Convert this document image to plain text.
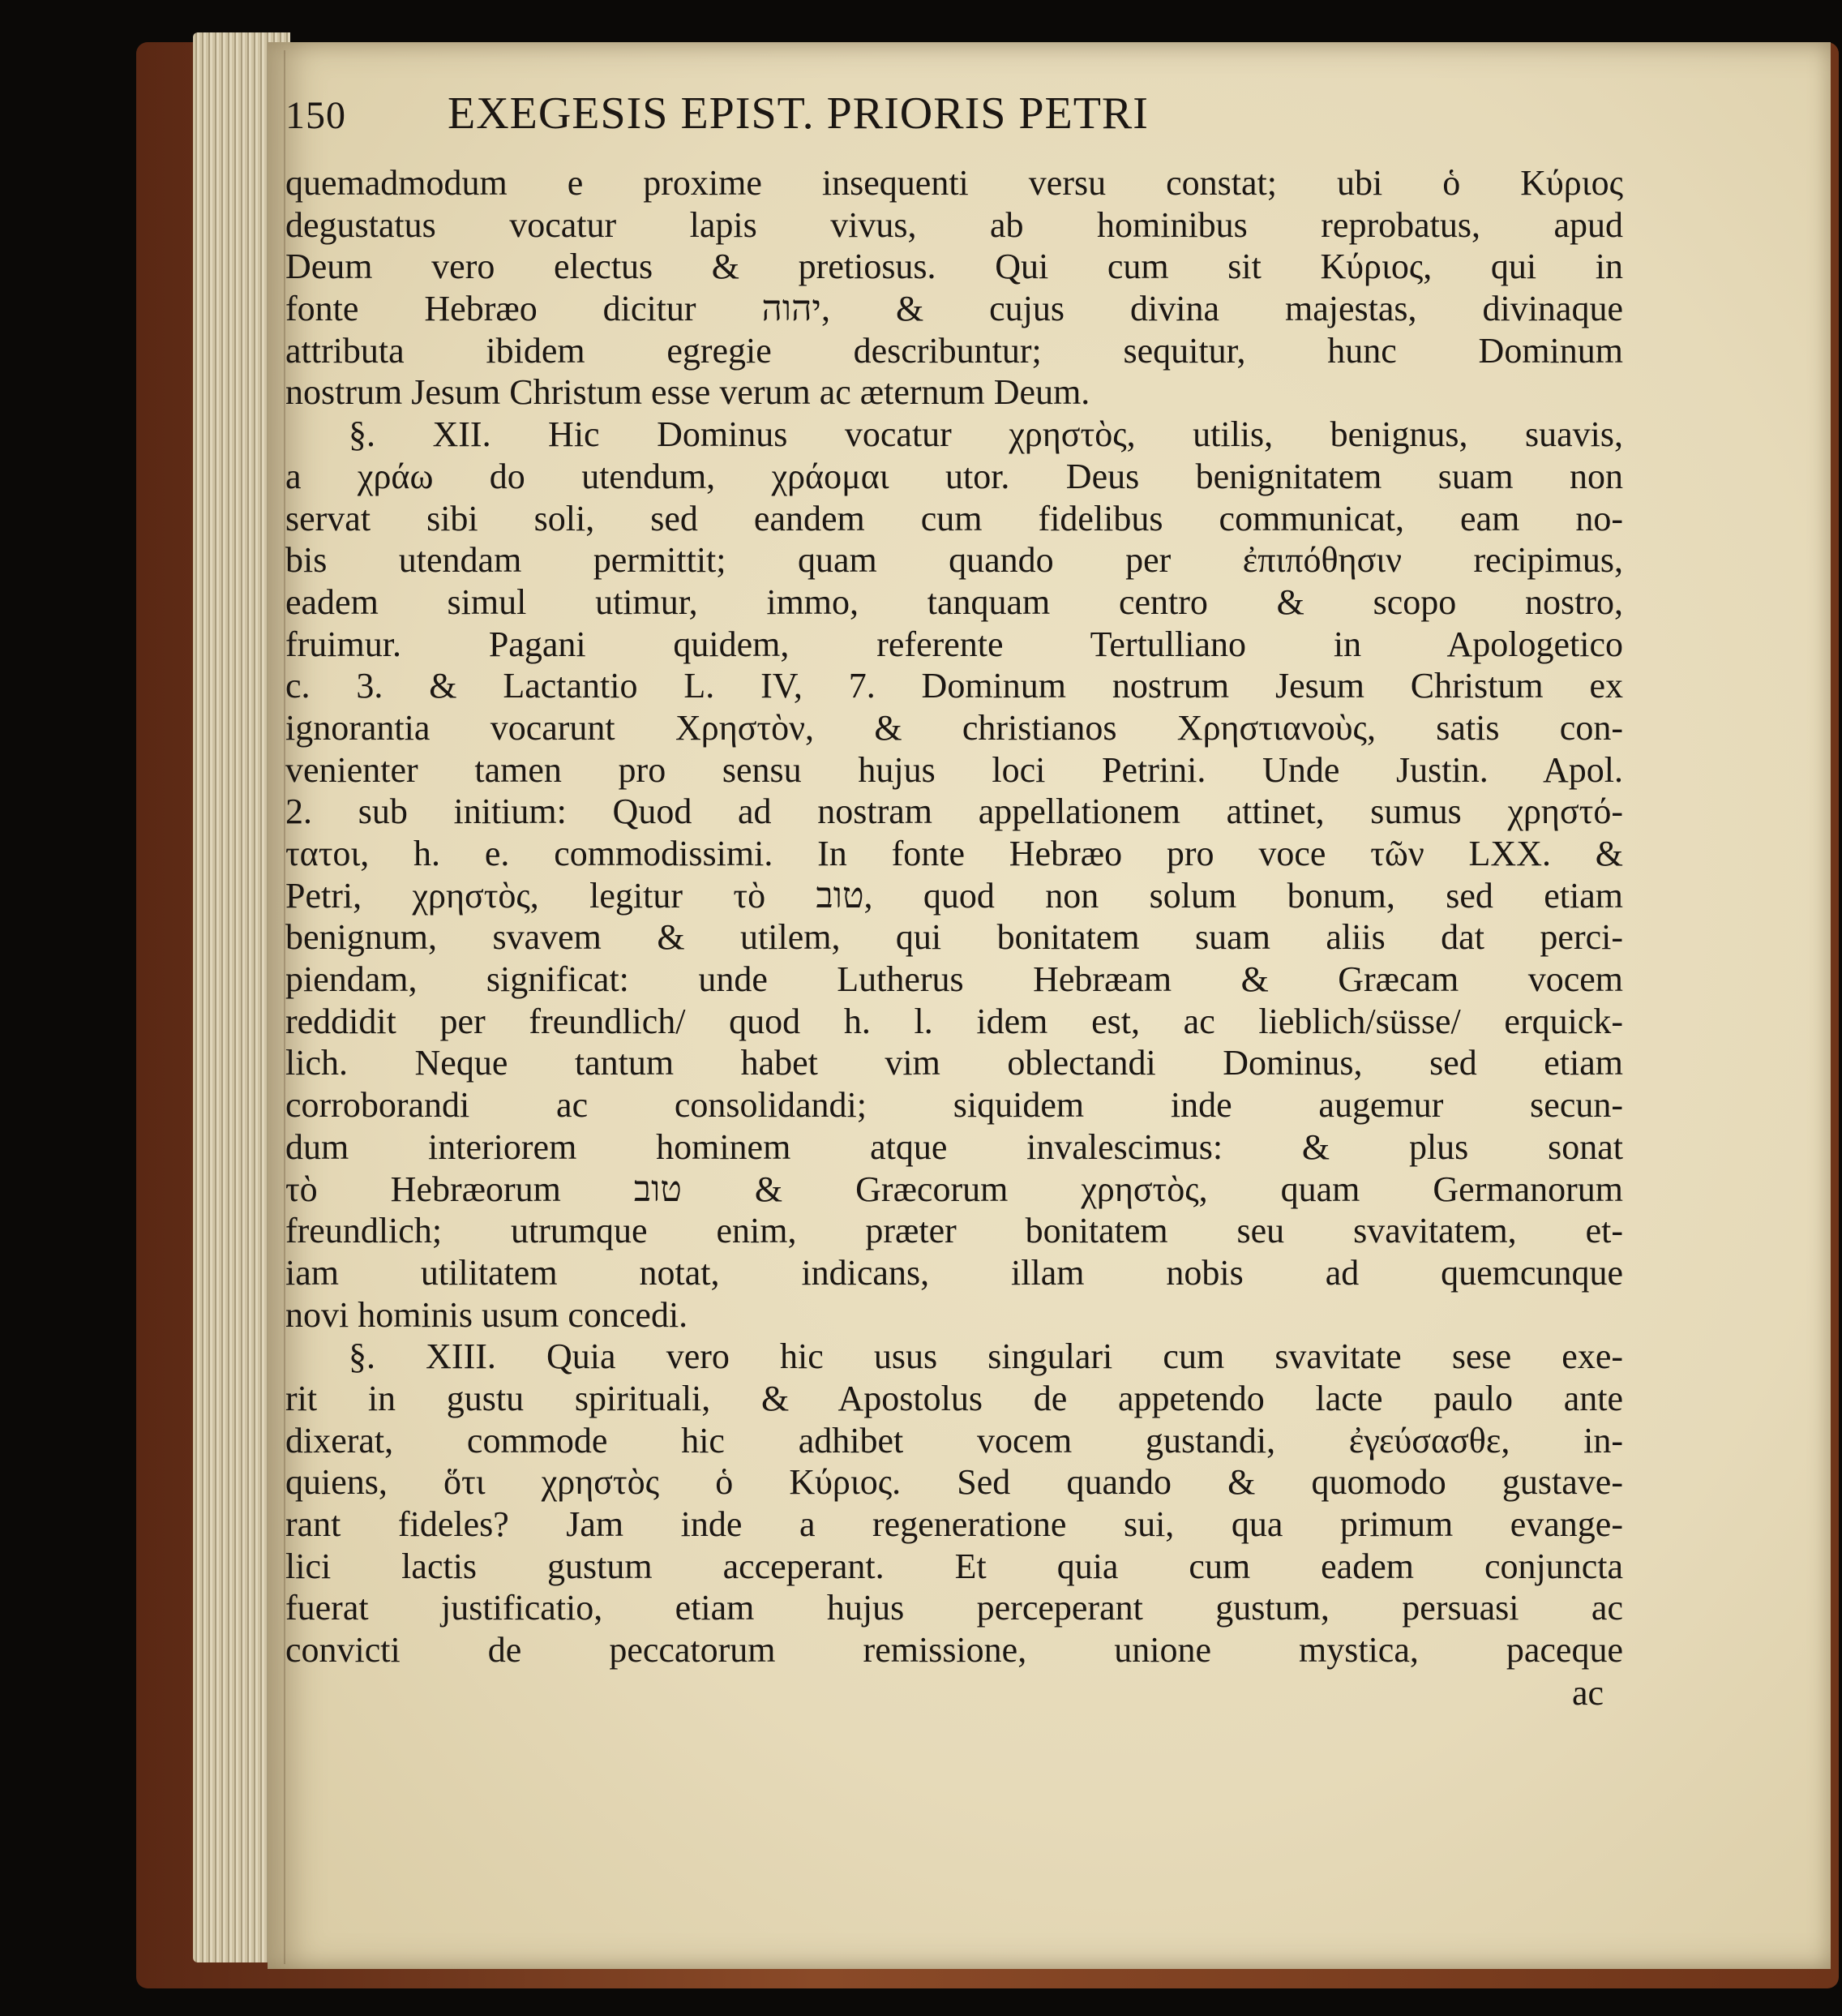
150	EXEGESIS EPIST. PRIORIS PETRI
quemadmodum e proxime insequenti versu constat; ubi ὁ Κύριος
degustatus vocatur lapis vivus, ab hominibus reprobatus, apud
Deum vero electus & pretiosus. Qui cum sit Κύριος, qui in
fonte Hebræo dicitur יהוה, & cujus divina majestas, divinaque
attributa ibidem egregie describuntur; sequitur, hunc Dominum
nostrum Jesum Christum esse verum ac æternum Deum.
§. XII. Hic Dominus vocatur χρηστὸς, utilis, benignus, suavis,
a χράω do utendum, χράομαι utor. Deus benignitatem suam non
servat sibi soli, sed eandem cum fidelibus communicat, eam no-
bis utendam permittit; quam quando per ἐπιπόθησιν recipimus,
eadem simul utimur, immo, tanquam centro & scopo nostro,
fruimur. Pagani quidem, referente Tertulliano in Apologetico
c. 3. & Lactantio L. IV, 7. Dominum nostrum Jesum Christum ex
ignorantia vocarunt Χρηστὸν, & christianos Χρηστιανοὺς, satis con-
venienter tamen pro sensu hujus loci Petrini. Unde Justin. Apol.
2. sub initium: Quod ad nostram appellationem attinet, sumus χρηστό-
τατοι, h. e. commodissimi. In fonte Hebræo pro voce τῶν LXX. &
Petri, χρηστὸς, legitur τὸ טוב, quod non solum bonum, sed etiam
benignum, svavem & utilem, qui bonitatem suam aliis dat perci-
piendam, significat: unde Lutherus Hebræam & Græcam vocem
reddidit per freundlich/ quod h. l. idem est, ac lieblich/süsse/ erquick-
lich. Neque tantum habet vim oblectandi Dominus, sed etiam
corroborandi ac consolidandi; siquidem inde augemur secun-
dum interiorem hominem atque invalescimus: & plus sonat
τὸ Hebræorum טוב & Græcorum χρηστὸς, quam Germanorum
freundlich; utrumque enim, præter bonitatem seu svavitatem, et-
iam utilitatem notat, indicans, illam nobis ad quemcunque
novi hominis usum concedi.
§. XIII. Quia vero hic usus singulari cum svavitate sese exe-
rit in gustu spirituali, & Apostolus de appetendo lacte paulo ante
dixerat, commode hic adhibet vocem gustandi, ἐγεύσασθε, in-
quiens, ὅτι χρηστὸς ὁ Κύριος. Sed quando & quomodo gustave-
rant fideles? Jam inde a regeneratione sui, qua primum evange-
lici lactis gustum acceperant. Et quia cum eadem conjuncta
fuerat justificatio, etiam hujus perceperant gustum, persuasi ac
convicti de peccatorum remissione, unione mystica, paceque
ac
